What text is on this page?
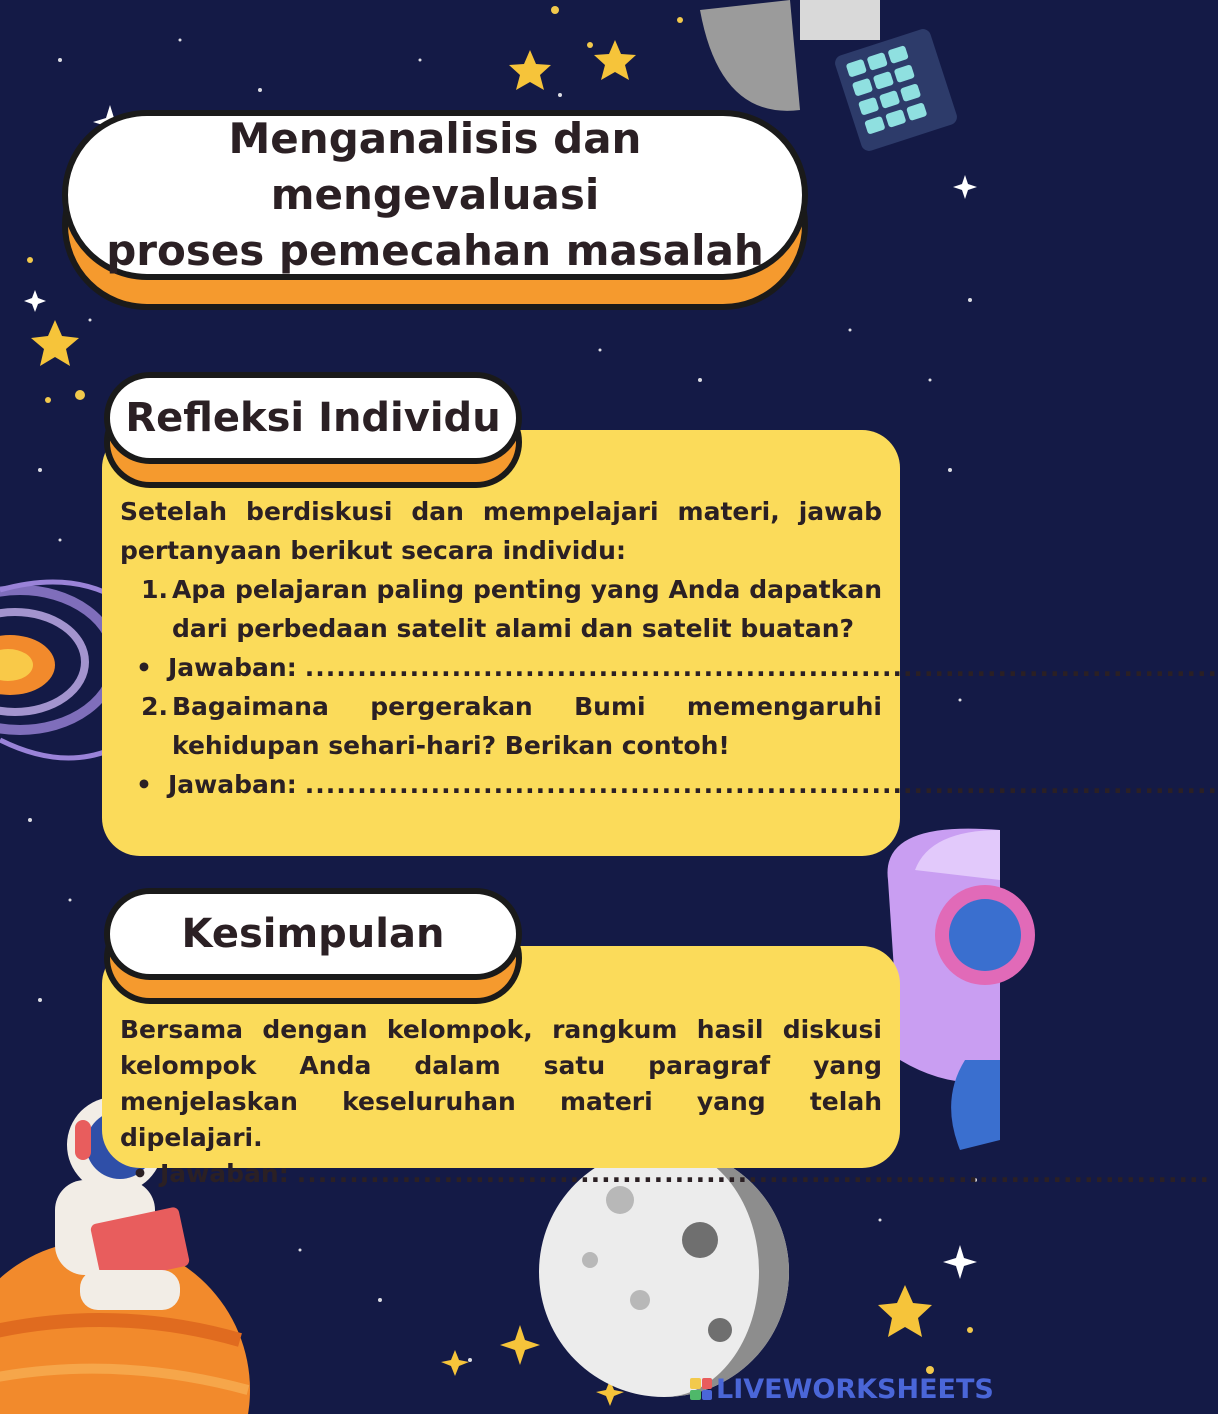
Menganalisis dan mengevaluasi
proses pemecahan masalah
Setelah berdiskusi dan mempelajari materi, jawab pertanyaan berikut secara individu:
1. Apa pelajaran paling penting yang Anda dapatkan dari perbedaan satelit alami dan satelit buatan?
• Jawaban: .......................................................................................
2. Bagaimana pergerakan Bumi memengaruhi kehidupan sehari-hari? Berikan contoh!
• Jawaban: .......................................................................................
Refleksi Individu
Bersama dengan kelompok, rangkum hasil diskusi kelompok Anda dalam satu paragraf yang menjelaskan keseluruhan materi yang telah dipelajari.
• Jawaban: .......................................................................................
Kesimpulan
LIVEWORKSHEETS
